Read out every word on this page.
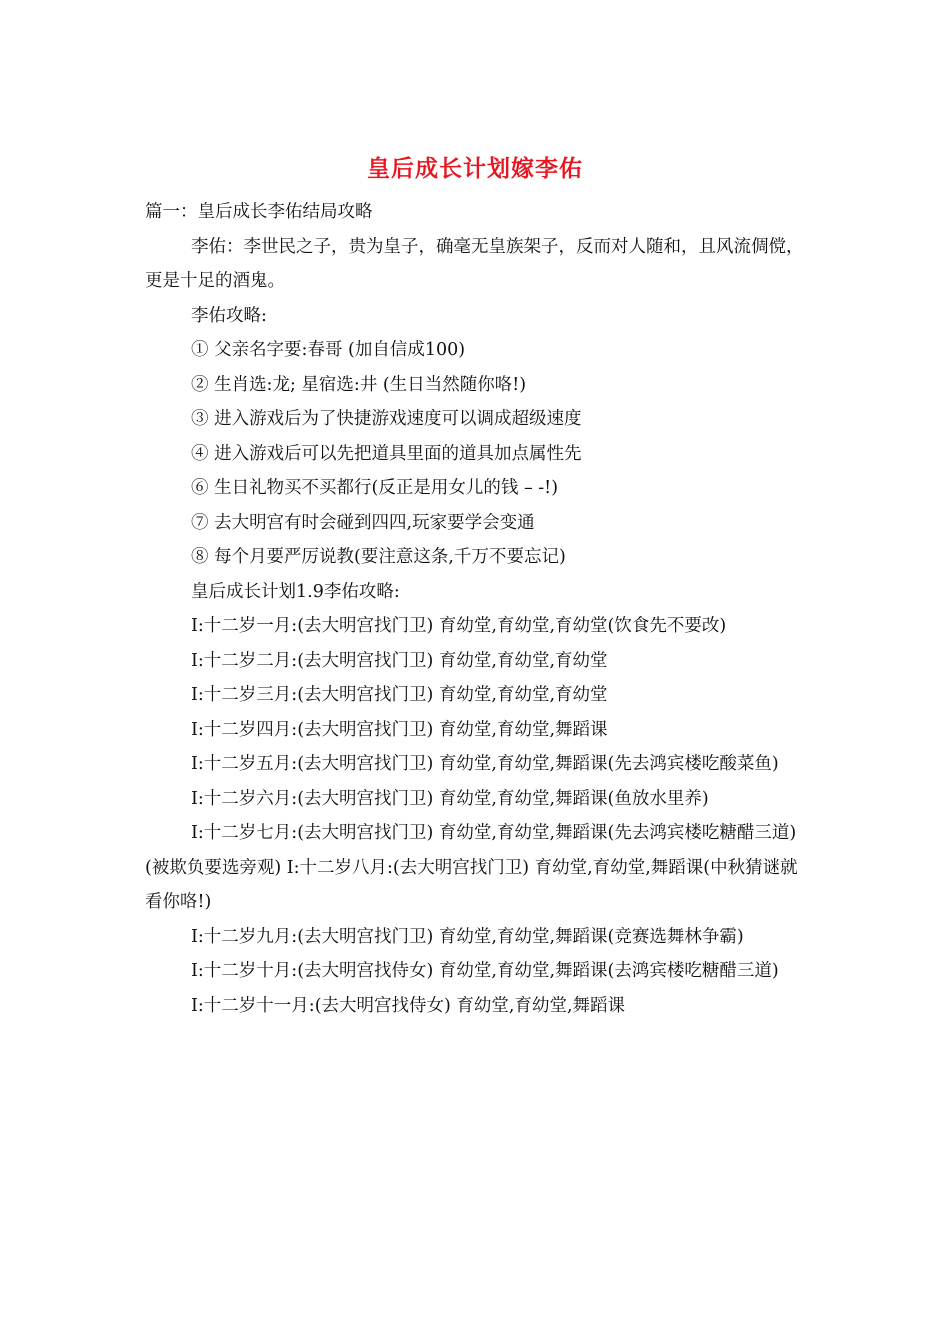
皇后成长计划嫁李佑

篇一：皇后成长李佑结局攻略

李佑：李世民之子，贵为皇子，确毫无皇族架子，反而对人随和，且风流倜傥，更是十足的酒鬼。

李佑攻略:

① 父亲名字要:春哥 (加自信成100)

② 生肖选:龙; 星宿选:井 (生日当然随你咯!)

③ 进入游戏后为了快捷游戏速度可以调成超级速度

④ 进入游戏后可以先把道具里面的道具加点属性先

⑥ 生日礼物买不买都行(反正是用女儿的钱 – -!)

⑦ 去大明宫有时会碰到四四,玩家要学会变通

⑧ 每个月要严厉说教(要注意这条,千万不要忘记)

皇后成长计划1.9李佑攻略:

Ⅰ:十二岁一月:(去大明宫找门卫) 育幼堂,育幼堂,育幼堂(饮食先不要改)

Ⅰ:十二岁二月:(去大明宫找门卫) 育幼堂,育幼堂,育幼堂

Ⅰ:十二岁三月:(去大明宫找门卫) 育幼堂,育幼堂,育幼堂

Ⅰ:十二岁四月:(去大明宫找门卫) 育幼堂,育幼堂,舞蹈课

Ⅰ:十二岁五月:(去大明宫找门卫) 育幼堂,育幼堂,舞蹈课(先去鸿宾楼吃酸菜鱼)

Ⅰ:十二岁六月:(去大明宫找门卫) 育幼堂,育幼堂,舞蹈课(鱼放水里养)

Ⅰ:十二岁七月:(去大明宫找门卫) 育幼堂,育幼堂,舞蹈课(先去鸿宾楼吃糖醋三道) (被欺负要选旁观) Ⅰ:十二岁八月:(去大明宫找门卫) 育幼堂,育幼堂,舞蹈课(中秋猜谜就看你咯!)

Ⅰ:十二岁九月:(去大明宫找门卫) 育幼堂,育幼堂,舞蹈课(竞赛选舞林争霸)

Ⅰ:十二岁十月:(去大明宫找侍女) 育幼堂,育幼堂,舞蹈课(去鸿宾楼吃糖醋三道)

Ⅰ:十二岁十一月:(去大明宫找侍女) 育幼堂,育幼堂,舞蹈课
